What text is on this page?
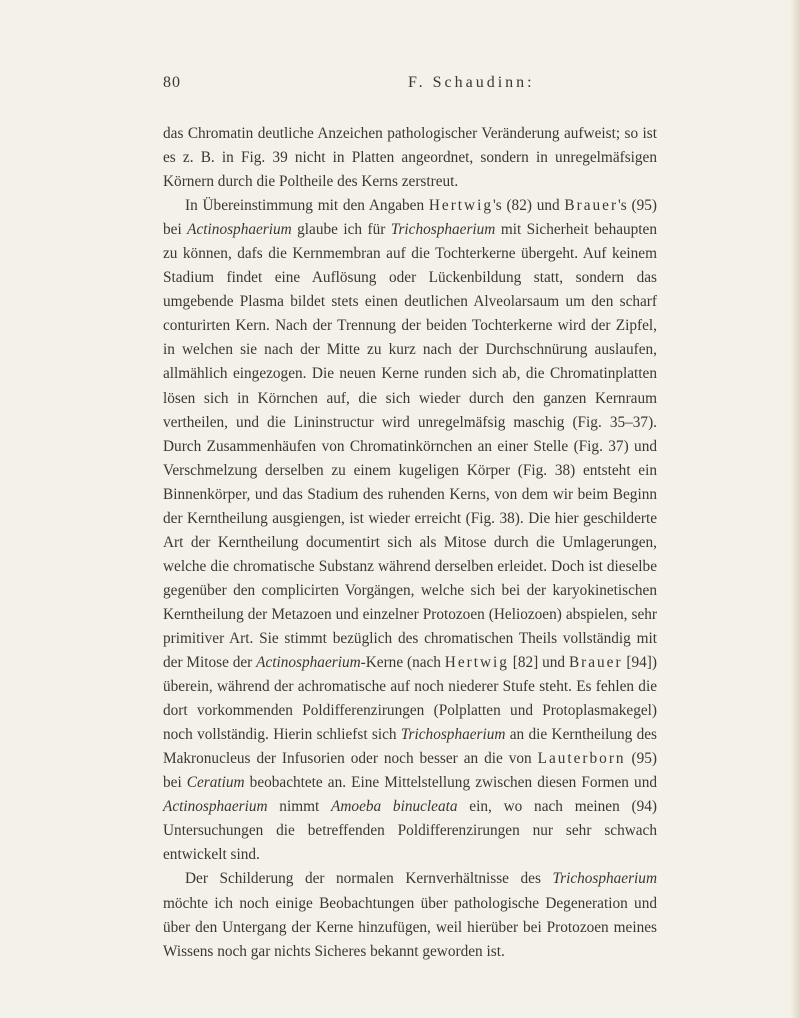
80	F. Schaudinn:

das Chromatin deutliche Anzeichen pathologischer Veränderung aufweist; so ist es z. B. in Fig. 39 nicht in Platten angeordnet, sondern in unregelmäfsigen Körnern durch die Poltheile des Kerns zerstreut.

In Übereinstimmung mit den Angaben Hertwig's (82) und Brauer's (95) bei Actinosphaerium glaube ich für Trichosphaerium mit Sicherheit behaupten zu können, dafs die Kernmembran auf die Tochterkerne übergeht. Auf keinem Stadium findet eine Auflösung oder Lückenbildung statt, sondern das umgebende Plasma bildet stets einen deutlichen Alveolarsaum um den scharf conturirten Kern. Nach der Trennung der beiden Tochterkerne wird der Zipfel, in welchen sie nach der Mitte zu kurz nach der Durchschnürung auslaufen, allmählich eingezogen. Die neuen Kerne runden sich ab, die Chromatinplatten lösen sich in Körnchen auf, die sich wieder durch den ganzen Kernraum vertheilen, und die Lininstructur wird unregelmäfsig maschig (Fig. 35–37). Durch Zusammenhäufen von Chromatinkörnchen an einer Stelle (Fig. 37) und Verschmelzung derselben zu einem kugeligen Körper (Fig. 38) entsteht ein Binnenkörper, und das Stadium des ruhenden Kerns, von dem wir beim Beginn der Kerntheilung ausgiengen, ist wieder erreicht (Fig. 38). Die hier geschilderte Art der Kerntheilung documentirt sich als Mitose durch die Umlagerungen, welche die chromatische Substanz während derselben erleidet. Doch ist dieselbe gegenüber den complicirten Vorgängen, welche sich bei der karyokinetischen Kerntheilung der Metazoen und einzelner Protozoen (Heliozoen) abspielen, sehr primitiver Art. Sie stimmt bezüglich des chromatischen Theils vollständig mit der Mitose der Actinosphaerium-Kerne (nach Hertwig [82] und Brauer [94]) überein, während der achromatische auf noch niederer Stufe steht. Es fehlen die dort vorkommenden Poldifferenzirungen (Polplatten und Protoplasmakegel) noch vollständig. Hierin schliefst sich Trichosphaerium an die Kerntheilung des Makronucleus der Infusorien oder noch besser an die von Lauterborn (95) bei Ceratium beobachtete an. Eine Mittelstellung zwischen diesen Formen und Actinosphaerium nimmt Amoeba binucleata ein, wo nach meinen (94) Untersuchungen die betreffenden Poldifferenzirungen nur sehr schwach entwickelt sind.

Der Schilderung der normalen Kernverhältnisse des Trichosphaerium möchte ich noch einige Beobachtungen über pathologische Degeneration und über den Untergang der Kerne hinzufügen, weil hierüber bei Protozoen meines Wissens noch gar nichts Sicheres bekannt geworden ist.
